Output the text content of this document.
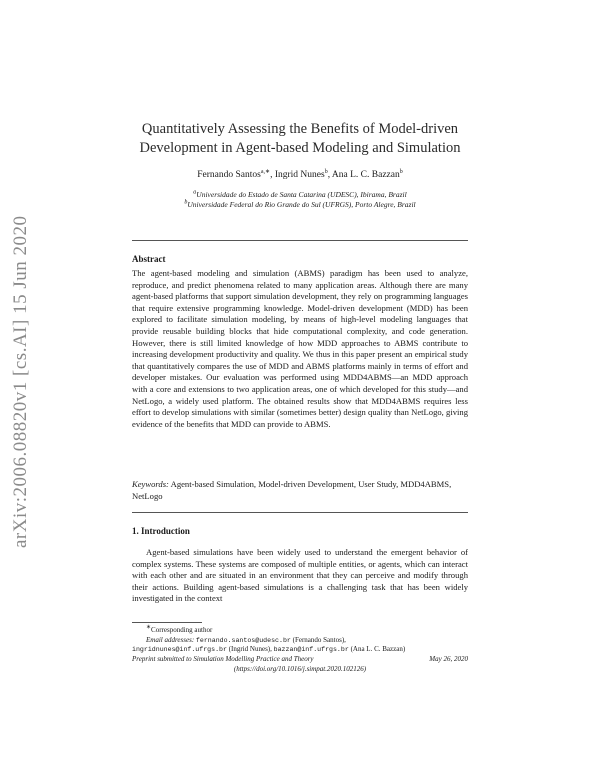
arXiv:2006.08820v1 [cs.AI] 15 Jun 2020
Quantitatively Assessing the Benefits of Model-driven
Development in Agent-based Modeling and Simulation
Fernando Santos$^{a,∗}$, Ingrid Nunes$^b$, Ana L. C. Bazzan$^b$
$^a$Universidade do Estado de Santa Catarina (UDESC), Ibirama, Brazil
$^b$Universidade Federal do Rio Grande do Sul (UFRGS), Porto Alegre, Brazil
Abstract

The agent-based modeling and simulation (ABMS) paradigm has been used to analyze, reproduce, and predict phenomena related to many application areas. Although there are many agent-based platforms that support simulation development, they rely on programming languages that require extensive programming knowledge. Model-driven development (MDD) has been explored to facilitate simulation modeling, by means of high-level modeling languages that provide reusable building blocks that hide computational complexity, and code generation. However, there is still limited knowledge of how MDD approaches to ABMS contribute to increasing development productivity and quality. We thus in this paper present an empirical study that quantitatively compares the use of MDD and ABMS platforms mainly in terms of effort and developer mistakes. Our evaluation was performed using MDD4ABMS—an MDD approach with a core and extensions to two application areas, one of which developed for this study—and NetLogo, a widely used platform. The obtained results show that MDD4ABMS requires less effort to develop simulations with similar (sometimes better) design quality than NetLogo, giving evidence of the benefits that MDD can provide to ABMS.

Keywords: Agent-based Simulation, Model-driven Development, User Study, MDD4ABMS, NetLogo
1. Introduction

Agent-based simulations have been widely used to understand the emergent behavior of complex systems. These systems are composed of multiple entities, or agents, which can interact with each other and are situated in an environment that they can perceive and modify through their actions. Building agent-based simulations is a challenging task that has been widely investigated in the context

∗Corresponding author
Email addresses: fernando.santos@udesc.br (Fernando Santos),
ingridnunes@inf.ufrgs.br (Ingrid Nunes), bazzan@inf.ufrgs.br (Ana L. C. Bazzan)
Preprint submitted to Simulation Modelling Practice and Theory	May 26, 2020
(https://doi.org/10.1016/j.simpat.2020.102126)
